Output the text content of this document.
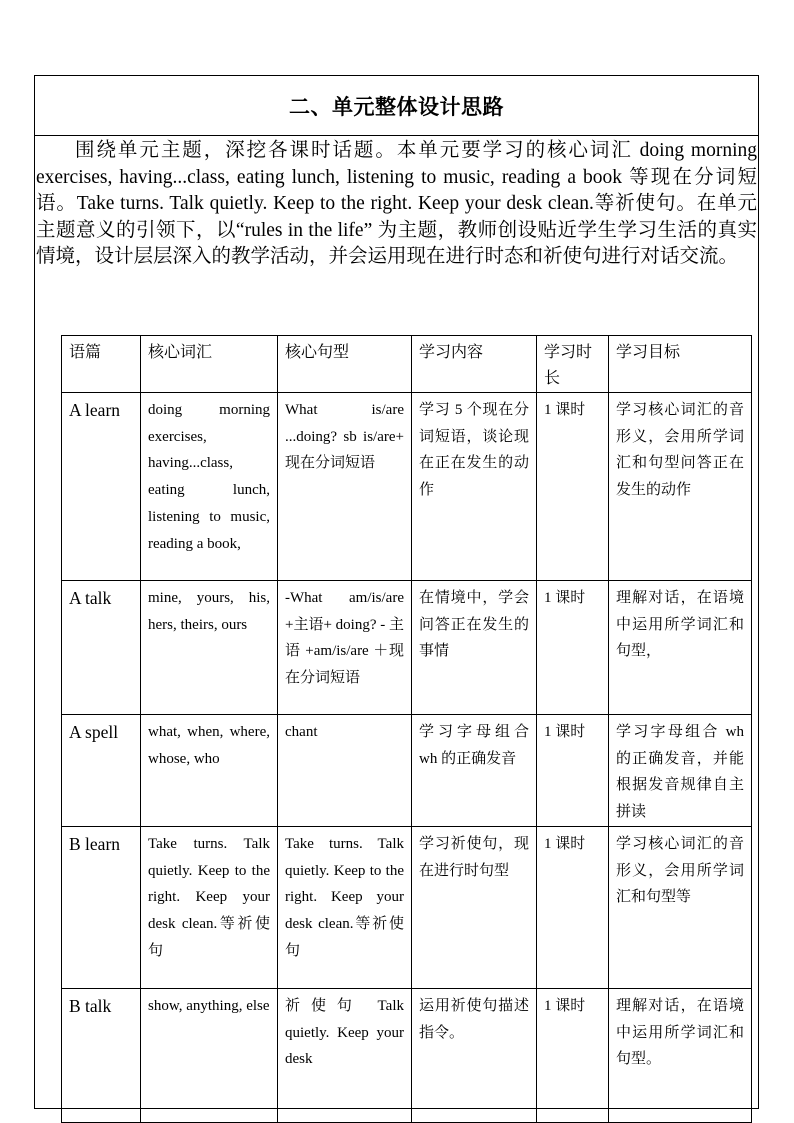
二、单元整体设计思路
围绕单元主题，深挖各课时话题。本单元要学习的核心词汇 doing morning exercises, having...class, eating lunch, listening to music, reading a book 等现在分词短语。Take turns. Talk quietly. Keep to the right. Keep your desk clean.等祈使句。在单元主题意义的引领下，以“rules in the life” 为主题，教师创设贴近学生学习生活的真实情境，设计层层深入的教学活动，并会运用现在进行时态和祈使句进行对话交流。
语篇	核心词汇	核心句型	学习内容	学习时长	学习目标
A learn	doing morning exercises, having...class, eating lunch, listening to music, reading a book,	What is/are ...doing? sb is/are+ 现在分词短语	学习 5 个现在分词短语，谈论现在正在发生的动作	1 课时	学习核心词汇的音形义，会用所学词汇和句型问答正在发生的动作
A talk	mine, yours, his, hers, theirs, ours	-What am/is/are +主语+ doing? - 主语 +am/is/are ＋现在分词短语	在情境中，学会问答正在发生的事情	1 课时	理解对话，在语境中运用所学词汇和句型，
A spell	what, when, where, whose, who	chant	学习字母组合 wh 的正确发音	1 课时	学习字母组合 wh 的正确发音，并能根据发音规律自主拼读
B learn	Take turns. Talk quietly. Keep to the right. Keep your desk clean.等祈使句	Take turns. Talk quietly. Keep to the right. Keep your desk clean.等祈使句	学习祈使句，现在进行时句型	1 课时	学习核心词汇的音形义，会用所学词汇和句型等
B talk	show, anything, else	祈使句 Talk quietly. Keep your desk	运用祈使句描述指令。	1 课时	理解对话，在语境中运用所学词汇和句型。
